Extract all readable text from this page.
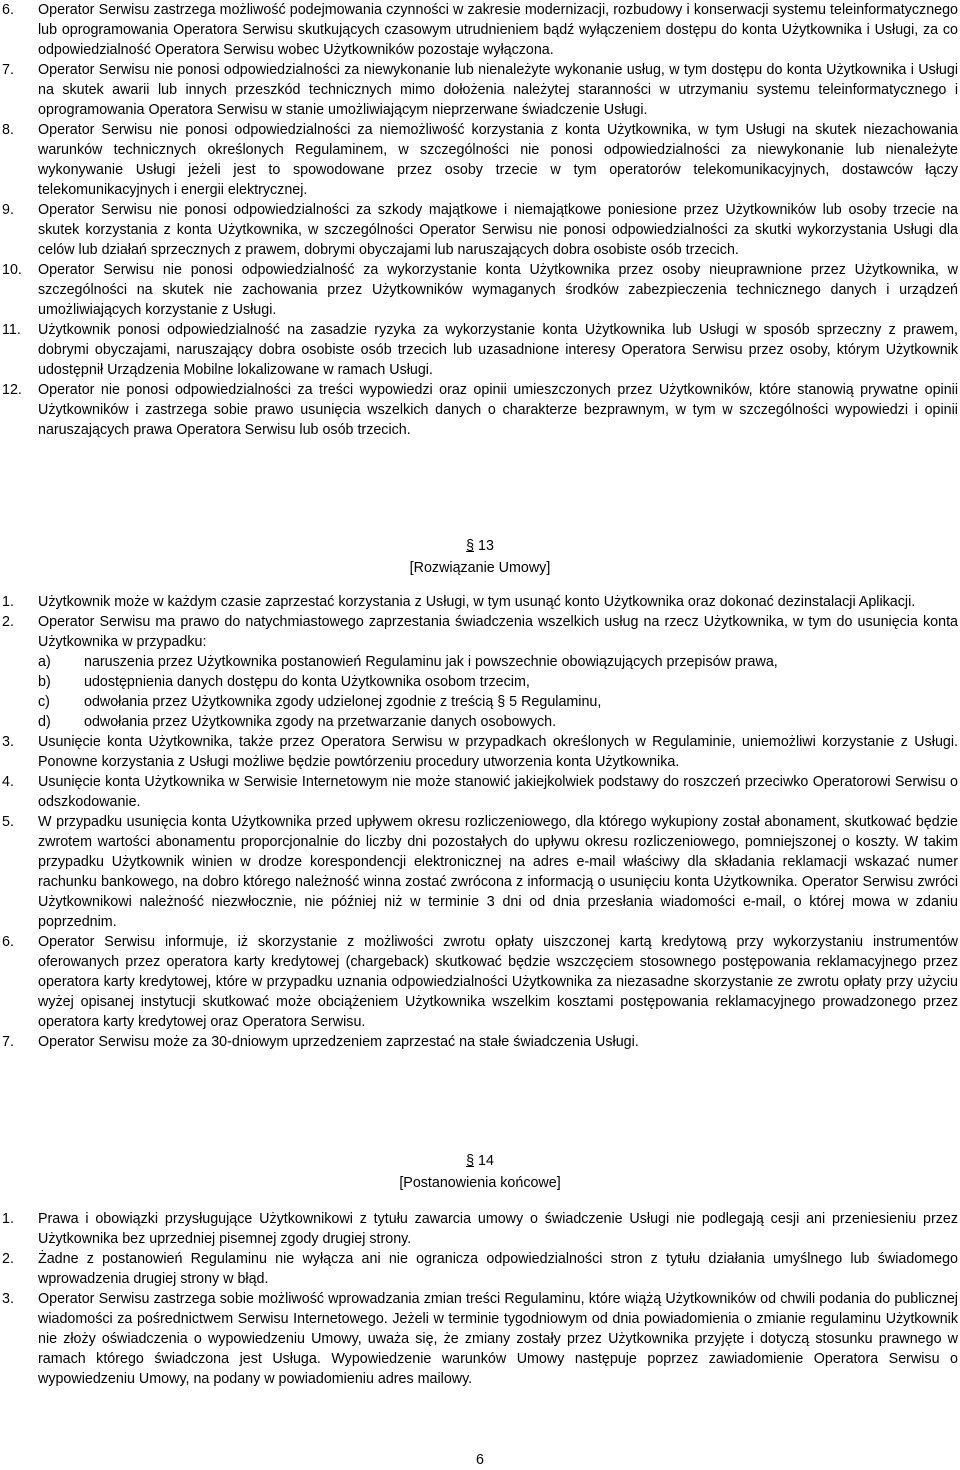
6.	Operator Serwisu zastrzega możliwość podejmowania czynności w zakresie modernizacji, rozbudowy i konserwacji systemu teleinformatycznego lub oprogramowania Operatora Serwisu skutkujących czasowym utrudnieniem bądź wyłączeniem dostępu do konta Użytkownika i Usługi, za co odpowiedzialność Operatora Serwisu wobec Użytkowników pozostaje wyłączona.
7.	Operator Serwisu nie ponosi odpowiedzialności za niewykonanie lub nienależyte wykonanie usług, w tym dostępu do konta Użytkownika i Usługi na skutek awarii lub innych przeszkód technicznych mimo dołożenia należytej staranności w utrzymaniu systemu teleinformatycznego i oprogramowania Operatora Serwisu w stanie umożliwiającym nieprzerwane świadczenie Usługi.
8.	Operator Serwisu nie ponosi odpowiedzialności za niemożliwość korzystania z konta Użytkownika, w tym Usługi na skutek niezachowania warunków technicznych określonych Regulaminem, w szczególności nie ponosi odpowiedzialności za niewykonanie lub nienależyte wykonywanie Usługi jeżeli jest to spowodowane przez osoby trzecie w tym operatorów telekomunikacyjnych, dostawców łączy telekomunikacyjnych i energii elektrycznej.
9.	Operator Serwisu nie ponosi odpowiedzialności za szkody majątkowe i niemajątkowe poniesione przez Użytkowników lub osoby trzecie na skutek korzystania z konta Użytkownika, w szczególności Operator Serwisu nie ponosi odpowiedzialności za skutki wykorzystania Usługi dla celów lub działań sprzecznych z prawem, dobrymi obyczajami lub naruszających dobra osobiste osób trzecich.
10.	Operator Serwisu nie ponosi odpowiedzialność za wykorzystanie konta Użytkownika przez osoby nieuprawnione przez Użytkownika, w szczególności na skutek nie zachowania przez Użytkowników wymaganych środków zabezpieczenia technicznego danych i urządzeń umożliwiających korzystanie z Usługi.
11.	Użytkownik ponosi odpowiedzialność na zasadzie ryzyka za wykorzystanie konta Użytkownika lub Usługi w sposób sprzeczny z prawem, dobrymi obyczajami, naruszający dobra osobiste osób trzecich lub uzasadnione interesy Operatora Serwisu przez osoby, którym Użytkownik udostępnił Urządzenia Mobilne lokalizowane w ramach Usługi.
12.	Operator nie ponosi odpowiedzialności za treści wypowiedzi oraz opinii umieszczonych przez Użytkowników, które stanowią prywatne opinii Użytkowników i zastrzega sobie prawo usunięcia wszelkich danych o charakterze bezprawnym, w tym w szczególności wypowiedzi i opinii naruszających prawa Operatora Serwisu lub osób trzecich.
§ 13
[Rozwiązanie Umowy]
1.	Użytkownik może w każdym czasie zaprzestać korzystania z Usługi, w tym usunąć konto Użytkownika oraz dokonać dezinstalacji Aplikacji.
2.	Operator Serwisu ma prawo do natychmiastowego zaprzestania świadczenia wszelkich usług na rzecz Użytkownika, w tym do usunięcia konta Użytkownika w przypadku:
a)	naruszenia przez Użytkownika postanowień Regulaminu jak i powszechnie obowiązujących przepisów prawa,
b)	udostępnienia danych dostępu do konta Użytkownika osobom trzecim,
c)	odwołania przez Użytkownika zgody udzielonej zgodnie z treścią § 5 Regulaminu,
d)	odwołania przez Użytkownika zgody na przetwarzanie danych osobowych.
3.	Usunięcie konta Użytkownika, także przez Operatora Serwisu w przypadkach określonych w Regulaminie, uniemożliwi korzystanie z Usługi. Ponowne korzystania z Usługi możliwe będzie powtórzeniu procedury utworzenia konta Użytkownika.
4.	Usunięcie konta Użytkownika w Serwisie Internetowym nie może stanowić jakiejkolwiek podstawy do roszczeń przeciwko Operatorowi Serwisu o odszkodowanie.
5.	W przypadku usunięcia konta Użytkownika przed upływem okresu rozliczeniowego, dla którego wykupiony został abonament, skutkować będzie zwrotem wartości abonamentu proporcjonalnie do liczby dni pozostałych do upływu okresu rozliczeniowego, pomniejszonej o koszty. W takim przypadku Użytkownik winien w drodze korespondencji elektronicznej na adres e-mail właściwy dla składania reklamacji wskazać numer rachunku bankowego, na dobro którego należność winna zostać zwrócona z informacją o usunięciu konta Użytkownika. Operator Serwisu zwróci Użytkownikowi należność niezwłocznie, nie później niż w terminie 3 dni od dnia przesłania wiadomości e-mail, o której mowa w zdaniu poprzednim.
6.	Operator Serwisu informuje, iż skorzystanie z możliwości zwrotu opłaty uiszczonej kartą kredytową przy wykorzystaniu instrumentów oferowanych przez operatora karty kredytowej (chargeback) skutkować będzie wszczęciem stosownego postępowania reklamacyjnego przez operatora karty kredytowej, które w przypadku uznania odpowiedzialności Użytkownika za niezasadne skorzystanie ze zwrotu opłaty przy użyciu wyżej opisanej instytucji skutkować może obciążeniem Użytkownika wszelkim kosztami postępowania reklamacyjnego prowadzonego przez operatora karty kredytowej oraz Operatora Serwisu.
7.	Operator Serwisu może za 30-dniowym uprzedzeniem zaprzestać na stałe świadczenia Usługi.
§ 14
[Postanowienia końcowe]
1.	Prawa i obowiązki przysługujące Użytkownikowi z tytułu zawarcia umowy o świadczenie Usługi nie podlegają cesji ani przeniesieniu przez Użytkownika bez uprzedniej pisemnej zgody drugiej strony.
2.	Żadne z postanowień Regulaminu nie wyłącza ani nie ogranicza odpowiedzialności stron z tytułu działania umyślnego lub świadomego wprowadzenia drugiej strony w błąd.
3.	Operator Serwisu zastrzega sobie możliwość wprowadzania zmian treści Regulaminu, które wiążą Użytkowników od chwili podania do publicznej wiadomości za pośrednictwem Serwisu Internetowego. Jeżeli w terminie tygodniowym od dnia powiadomienia o zmianie regulaminu Użytkownik nie złoży oświadczenia o wypowiedzeniu Umowy, uważa się, że zmiany zostały przez Użytkownika przyjęte i dotyczą stosunku prawnego w ramach którego świadczona jest Usługa. Wypowiedzenie warunków Umowy następuje poprzez zawiadomienie Operatora Serwisu o wypowiedzeniu Umowy, na podany w powiadomieniu adres mailowy.
6
